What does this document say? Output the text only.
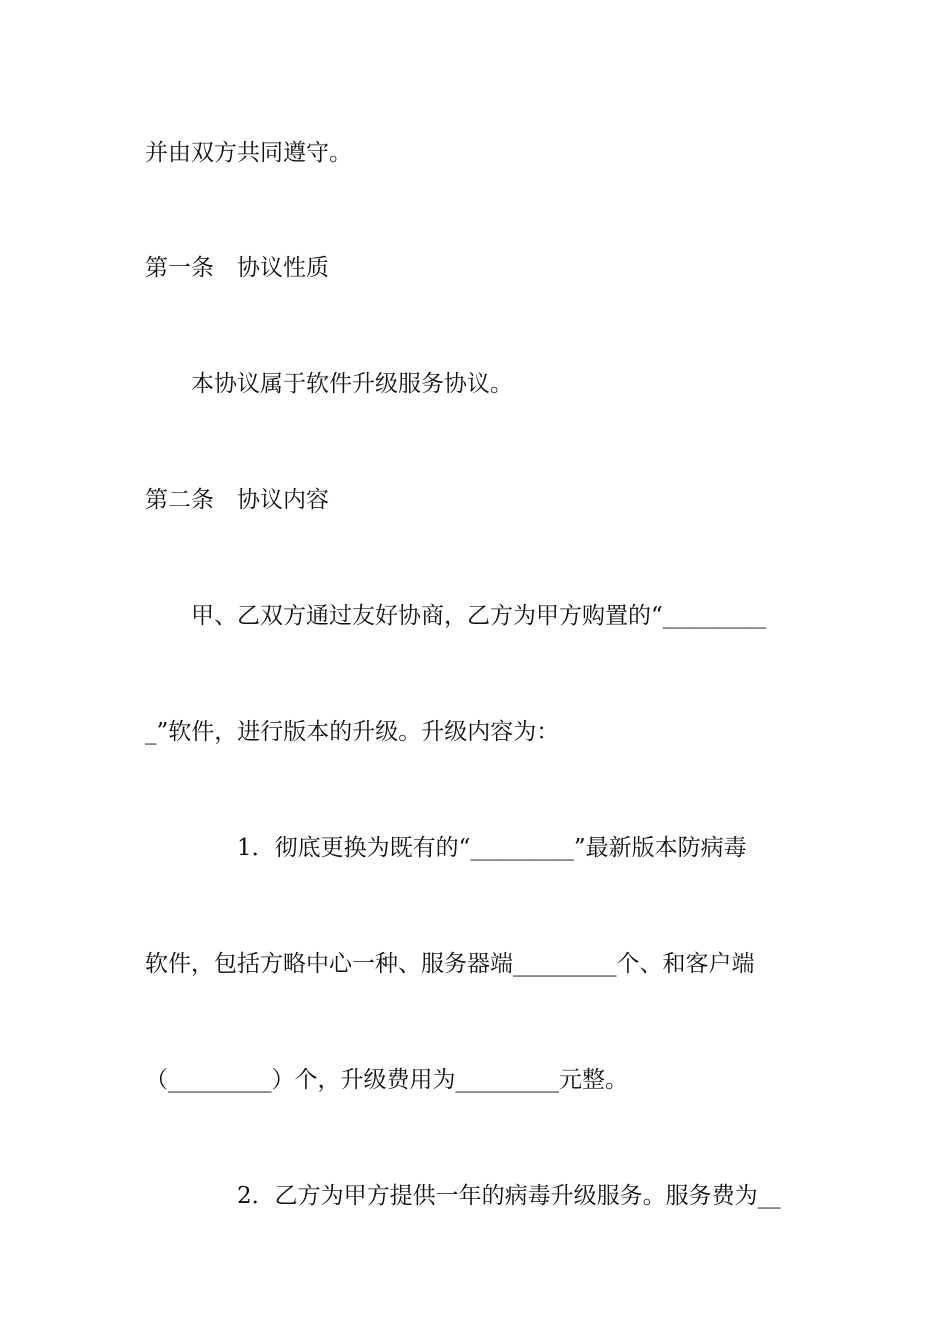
并由双方共同遵守。

第一条　协议性质

　　本协议属于软件升级服务协议。

第二条　协议内容

　　甲、乙双方通过友好协商，乙方为甲方购置的“_________

_”软件，进行版本的升级。升级内容为：

　　　　1．彻底更换为既有的“_________”最新版本防病毒

软件，包括方略中心一种、服务器端_________个、和客户端

（_________）个，升级费用为_________元整。

　　　　2．乙方为甲方提供一年的病毒升级服务。服务费为__
